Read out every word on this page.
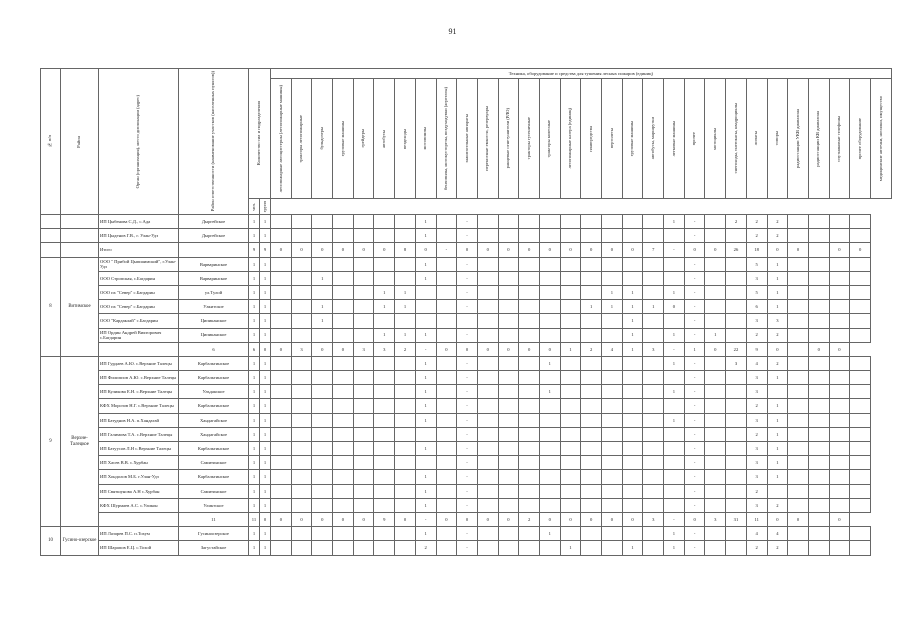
91
№ п/п	Район	Орган (организация), место дислокации (адрес)	Район ответственности (наименование участков (населенных пунктов))	Количество сил и подразделения		Техника, оборудование и средства для тушения лесных пожаров (единиц)																													

						лесопожарные автоцистерны (лесопожарные машины)	тракторы лесопожарные	бульдозеры	грузовые машины	грейдеры	автобусы	вездеходы	мотопомпы	бензопилы, мотокусторезы, воздуходувки (агрегаты)	зажигательные аппараты	переносные емкости, резервуары	ранцевые огнетушители (РЛО)	тракторы гусеничные	тракторы колесные	лесопожарные катера (единиц)	плавсредства	вертолеты	грузовые машины	автобусы, маршрутки	легковые машины	прочее	мотоциклы	снегоходы, снегокаты, квадроциклы	лопаты	топоры	радиостанции УКВ диапазона	радиостанции КВ диапазона	спутниковые телефоны	прочее оборудование	медицинские аптечки, носилки, имущество

				чел.	групп																														

		ИП Цыбенова С.Д., с.Ада	Дыргейское	1	1								1		-										1	-		2	2	2					
		ИП Цыденов Г.В., г. Улан-Удэ	Дыргейское	1	1								1		-											-			2	2					
		Итого		9	9	0	0	0	0	0	0	8	0	-	0	0	0	0	0	0	0	0	0	7	-	0	0	26	18	0	0		0	0	
8	Витимское	ООО " Прибой Цыпиаимский", г.Улан-Удэ	Варваринское	1	1								1		-											-			5	1					
		ООО Стропская, с.Багдарин	Варваринское	1	1			1					1		-											-			3	1					
		ООО пх "Север" с.Багдарин	ул.Тулой	1	1						1	1			-							1	1		1	-			5	1					
		ООО пх "Север" с.Багдарин	Уакитское	1	1			1			1	1			-						1	1	1	1	0	-			6	1					
		ООО "Кардаклай" с.Багдарин	Ципиканское	1	1			1															1			-			3	3					
		ИП Ордин Андрей Викторович с.Багдарин	Ципиканское	1	1						1	1	1		-								1		1	-	1		2	2					
			6	6	0	0	3	0	0	3	3	2	-	0	0	0	0	0	0	1	2	4	1	3	-	1	0	22	9	0		0	0		
9	Верхне-Талецкое	ИП Гурдаев А.Ю. с.Верхние Талецы	Карбальтинское	1	1								1		-				1						1	-		3	4	2					
		ИП Филиппов А.Ю. с.Верхние Талецы	Карбальтинское	1	1								1		-											-			3	1					
		ИП Куликова Е.Н. с.Верхние Талецы	Ульдакское	1	1								1		-				1						1	-			3						
		КФХ Морозов Н.Г. с.Верхние Талецы	Карбальтинское	1	1								1		-											-			2	1					
		ИП Батуднов Н.А. п.Хандагай	Хандагайское	1	1								1		-										1	-			3	1					
		ИП Галимова Т.А. с.Верхние Талецы	Хандагайское	1	1										-											-			2	1					
		ИП Батуусов Л.Н с.Верхние Талецы	Карбальтинское	1	1								1		-											-			3	1					
		ИП Хасев В.В. с.Хурбан	Самитинское	1	1										-											-			3	1					
		ИП Хондолов М.Б. г.Улан-Удэ	Карбальтинское	1	1								1		-											-			3	1					
		ИП Святшунова А.Н с.Хурбан	Самитинское	1	1								1		-											-			2						
		КФХ Шурмаев А.С. с.Уликон	Уликтское	1	1								1		-											-			3	2					
			11	11	0	0	0	0	0	0	9	0	-	0	0	0	0	2	0	0	0	0	0	3	-	0	3	31	11	0	0		0		
10	Гусино-озерское	ИП Лазарев П.С. п.Тохум	Гусиноозерское	1	1								1		-				1						1	-			4	4					
		ИП Шарапов Е.Ц. с.Тохой	Загустайское	1	1								2		-					1			1		1	-			2	2					
